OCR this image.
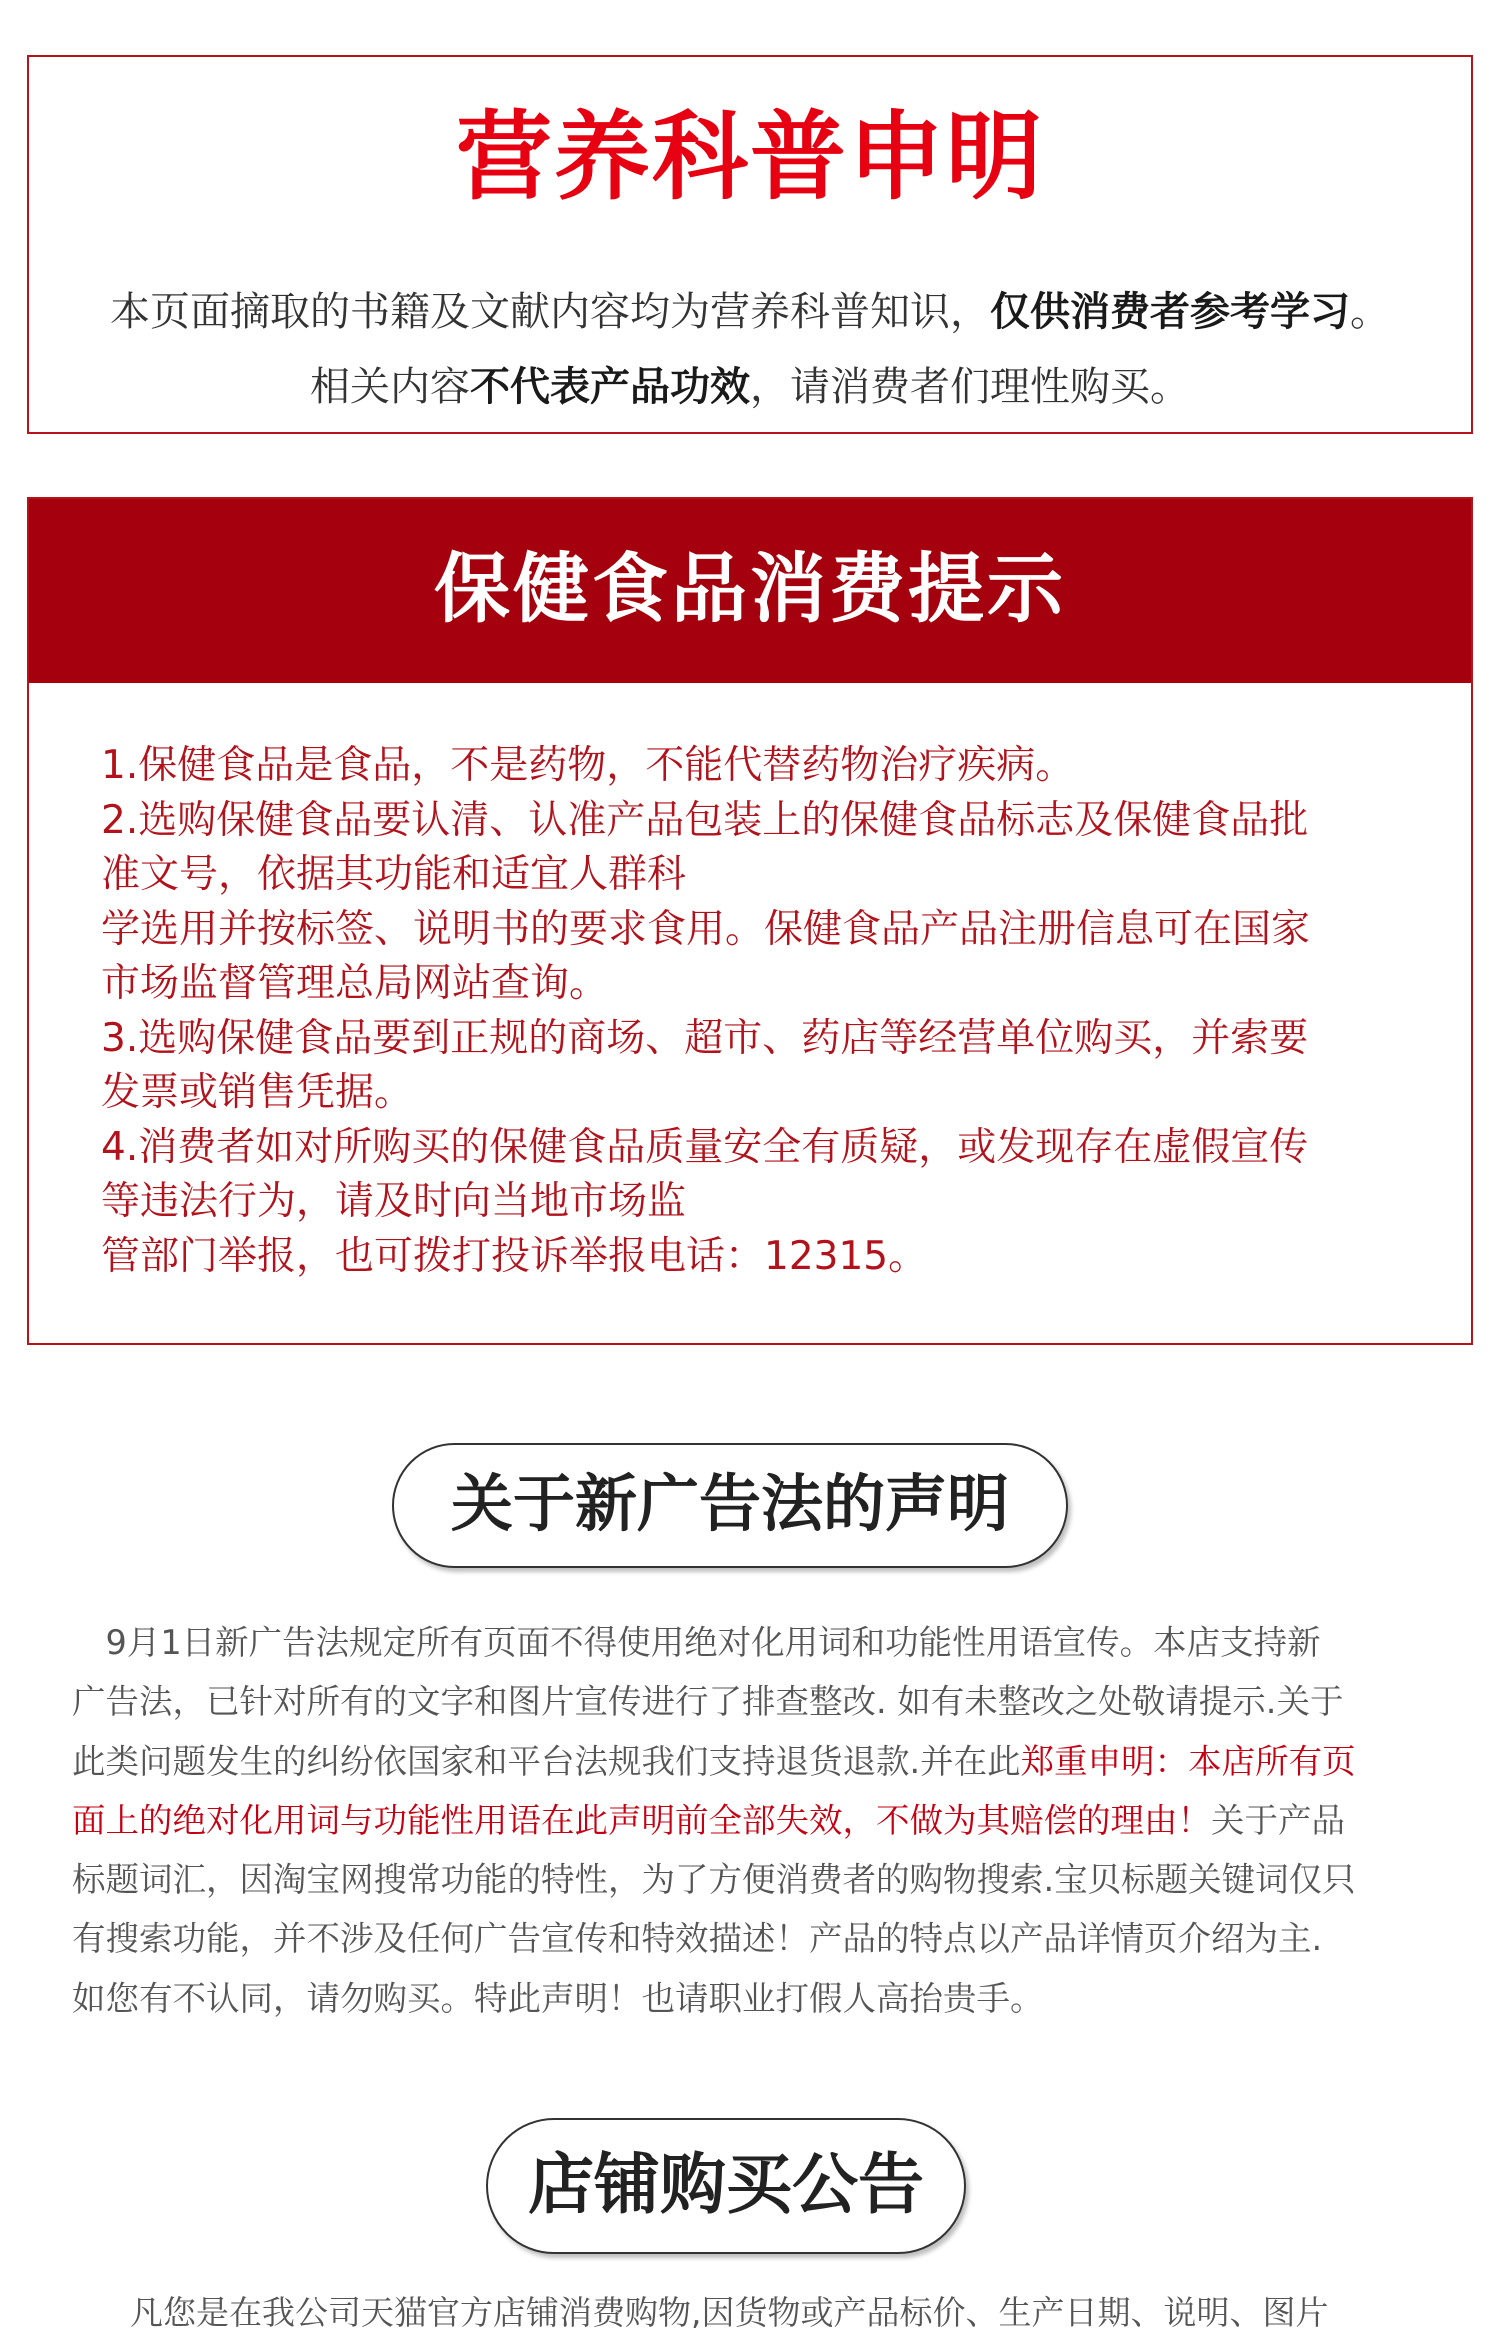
营养科普申明
本页面摘取的书籍及文献内容均为营养科普知识，仅供消费者参考学习。
相关内容不代表产品功效，请消费者们理性购买。
保健食品消费提示
1.保健食品是食品，不是药物，不能代替药物治疗疾病。
2.选购保健食品要认清、认准产品包装上的保健食品标志及保健食品批
准文号，依据其功能和适宜人群科
学选用并按标签、说明书的要求食用。保健食品产品注册信息可在国家
市场监督管理总局网站查询。
3.选购保健食品要到正规的商场、超市、药店等经营单位购买，并索要
发票或销售凭据。
4.消费者如对所购买的保健食品质量安全有质疑，或发现存在虚假宣传
等违法行为，请及时向当地市场监
管部门举报，也可拨打投诉举报电话：12315。
关于新广告法的声明
　9月1日新广告法规定所有页面不得使用绝对化用词和功能性用语宣传。本店支持新
广告法，已针对所有的文字和图片宣传进行了排查整改. 如有未整改之处敬请提示.关于
此类问题发生的纠纷依国家和平台法规我们支持退货退款.并在此郑重申明：本店所有页
面上的绝对化用词与功能性用语在此声明前全部失效，不做为其赔偿的理由！关于产品
标题词汇，因淘宝网搜常功能的特性，为了方便消费者的购物搜索.宝贝标题关键词仅只
有搜索功能，并不涉及任何广告宣传和特效描述！产品的特点以产品详情页介绍为主.
如您有不认同，请勿购买。特此声明！也请职业打假人高抬贵手。
店铺购买公告
凡您是在我公司天猫官方店铺消费购物,因货物或产品标价、生产日期、说明、图片
